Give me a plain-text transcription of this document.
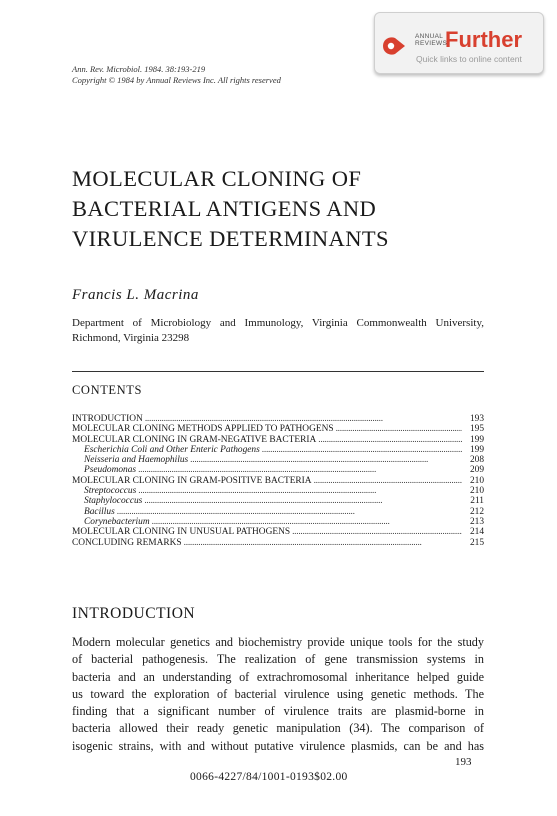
ANNUAL REVIEWS
Further
Quick links to online content
Ann. Rev. Microbiol. 1984. 38:193-219
Copyright © 1984 by Annual Reviews Inc. All rights reserved
MOLECULAR CLONING OF
BACTERIAL ANTIGENS AND
VIRULENCE DETERMINANTS
Francis L. Macrina
Department of Microbiology and Immunology, Virginia Commonwealth University, Richmond, Virginia 23298
CONTENTS
INTRODUCTION . . .	193
MOLECULAR CLONING METHODS APPLIED TO PATHOGENS . . .	195
MOLECULAR CLONING IN GRAM-NEGATIVE BACTERIA . . .	199
Escherichia Coli and Other Enteric Pathogens . . .	199
Neisseria and Haemophilus . . .	208
Pseudomonas . . .	209
MOLECULAR CLONING IN GRAM-POSITIVE BACTERIA . . .	210
Streptococcus . . .	210
Staphylococcus . . .	211
Bacillus . . .	212
Corynebacterium . . .	213
MOLECULAR CLONING IN UNUSUAL PATHOGENS . . .	214
CONCLUDING REMARKS . . .	215
INTRODUCTION
Modern molecular genetics and biochemistry provide unique tools for the study
of bacterial pathogenesis. The realization of gene transmission systems in
bacteria and an understanding of extrachromosomal inheritance helped guide
us toward the exploration of bacterial virulence using genetic methods. The
finding that a significant number of virulence traits are plasmid-borne in
bacteria allowed their ready genetic manipulation (34). The comparison of
isogenic strains, with and without putative virulence plasmids, can be and has
193
0066-4227/84/1001-0193$02.00
